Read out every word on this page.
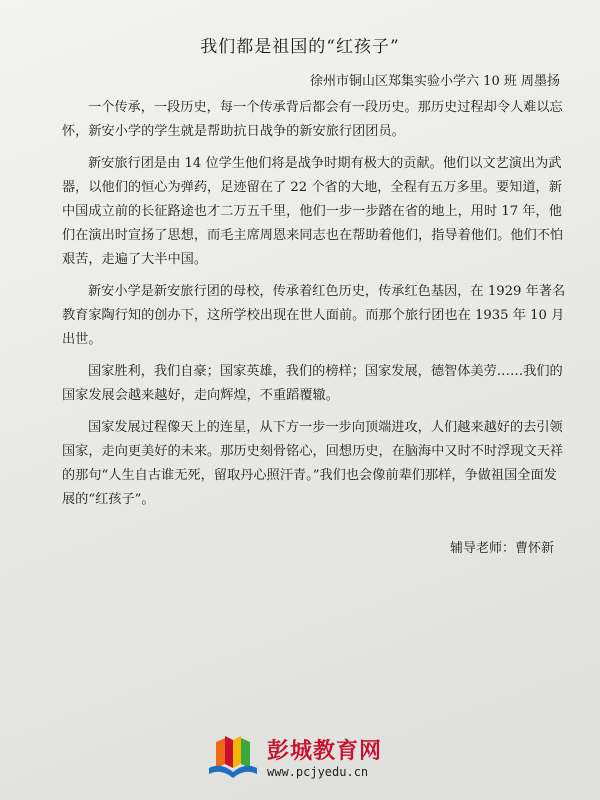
我们都是祖国的“红孩子”
徐州市铜山区郑集实验小学六 10 班 周墨扬

一个传承，一段历史，每一个传承背后都会有一段历史。那历史过程却令人难以忘怀，新安小学的学生就是帮助抗日战争的新安旅行团团员。

新安旅行团是由 14 位学生他们将是战争时期有极大的贡献。他们以文艺演出为武器，以他们的恒心为弹药，足迹留在了 22 个省的大地，全程有五万多里。要知道，新中国成立前的长征路途也才二万五千里，他们一步一步踏在省的地上，用时 17 年，他们在演出时宣扬了思想，而毛主席周恩来同志也在帮助着他们，指导着他们。他们不怕艰苦，走遍了大半中国。

新安小学是新安旅行团的母校，传承着红色历史，传承红色基因，在 1929 年著名教育家陶行知的创办下，这所学校出现在世人面前。而那个旅行团也在 1935 年 10 月出世。

国家胜利，我们自豪；国家英雄，我们的榜样；国家发展，德智体美劳……我们的国家发展会越来越好，走向辉煌，不重蹈覆辙。

国家发展过程像天上的连星，从下方一步一步向顶端进攻，人们越来越好的去引领国家，走向更美好的未来。那历史刻骨铭心，回想历史，在脑海中又时不时浮现文天祥的那句“人生自古谁无死，留取丹心照汗青。”我们也会像前辈们那样，争做祖国全面发展的“红孩子”。

辅导老师：曹怀新
彭城教育网
www.pcjyedu.cn
